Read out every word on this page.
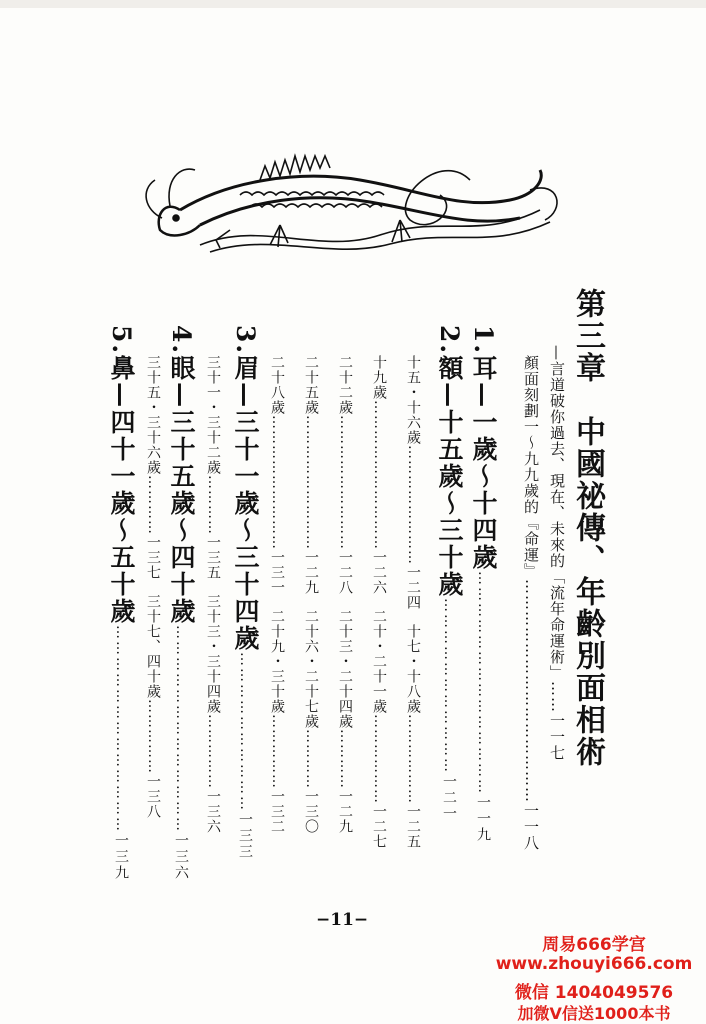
第三章　中國祕傳、年齡別面相術
—言道破你過去、現在、未來的「流年命運術」……一一七
顏面刻劃一～九九歲的『命運』……………………………………一一八
1.耳—一歲～十四歲……………………………………一一九
2.額—十五歲～三十歲……………………………一二一
十五・十六歲……………………一二四十七・十八歲………………一二五
十九歲…………………………一二六二十・二十一歲………………一二七
二十二歲………………………一二八二十三・二十四歲…………一二九
二十五歲………………………一二九二十六・二十七歲…………一三〇
二十八歲………………………一三一二十九・三十歲……………一三二
3.眉—三十一歲～三十四歲…………………………一三三
三十一・三十二歲…………一三五三十三・三十四歲……………一三六
4.眼—三十五歲～四十歲…………………………………一三六
三十五・三十六歲…………一三七三十七、四十歲……………一三八
5.鼻—四十一歲～五十歲…………………………………一三九
−11−
周易666学宫
www.zhouyi666.com
微信 1404049576
加微V信送1000本书
